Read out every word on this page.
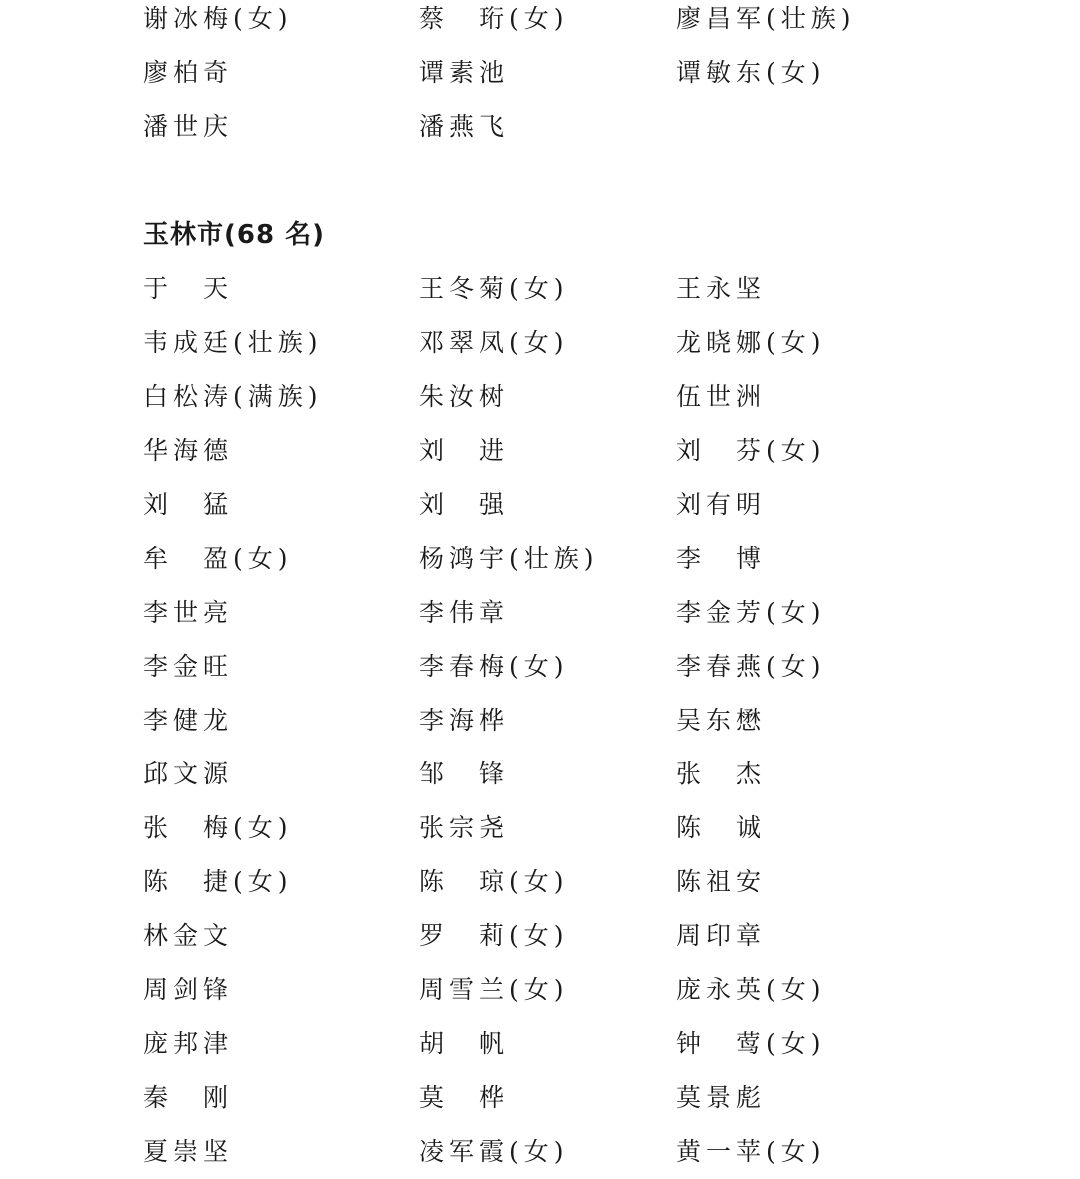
谢冰梅(女)	蔡　珩(女)	廖昌军(壮族)
廖柏奇	谭素池	谭敏东(女)
潘世庆	潘燕飞
玉林市(68 名)
于　天	王冬菊(女)	王永坚
韦成廷(壮族)	邓翠凤(女)	龙晓娜(女)
白松涛(满族)	朱汝树	伍世洲
华海德	刘　进	刘　芬(女)
刘　猛	刘　强	刘有明
牟　盈(女)	杨鸿宇(壮族)	李　博
李世亮	李伟章	李金芳(女)
李金旺	李春梅(女)	李春燕(女)
李健龙	李海桦	吴东懋
邱文源	邹　锋	张　杰
张　梅(女)	张宗尧	陈　诚
陈　捷(女)	陈　琼(女)	陈祖安
林金文	罗　莉(女)	周印章
周剑锋	周雪兰(女)	庞永英(女)
庞邦津	胡　帆	钟　莺(女)
秦　刚	莫　桦	莫景彪
夏崇坚	凌军霞(女)	黄一苹(女)
